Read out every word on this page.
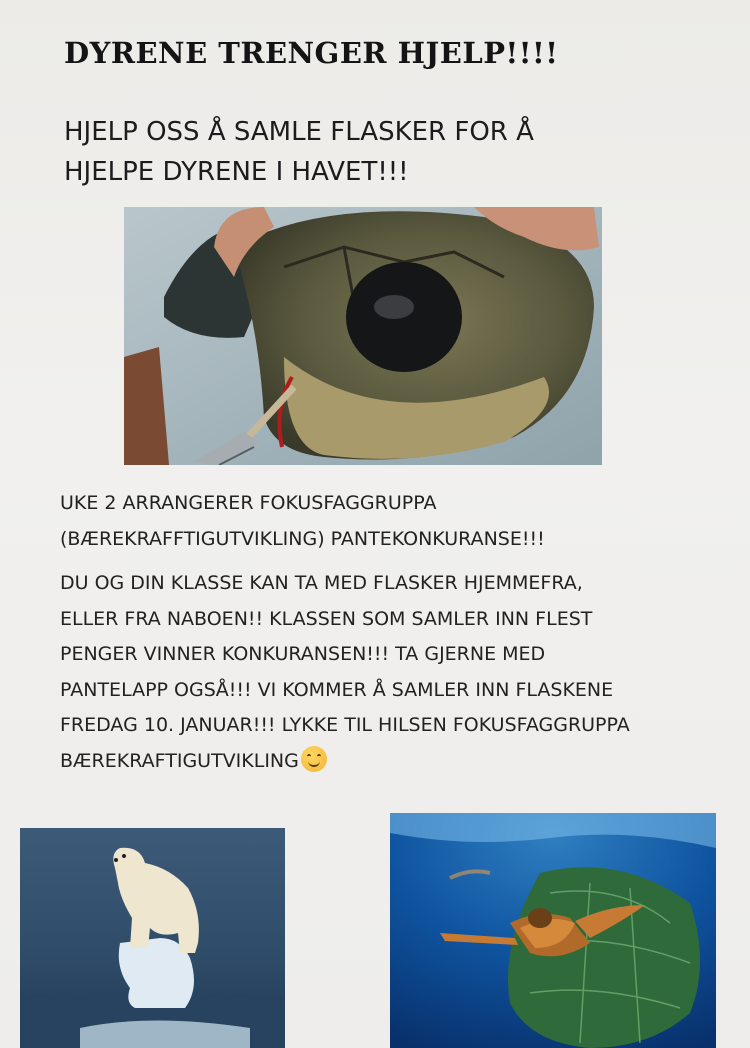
DYRENE TRENGER HJELP!!!!
HJELP OSS Å SAMLE FLASKER FOR Å
HJELPE DYRENE I HAVET!!!
UKE 2 ARRANGERER FOKUSFAGGRUPPA
(BÆREKRAFFTIGUTVIKLING) PANTEKONKURANSE!!!
DU OG DIN KLASSE KAN TA MED FLASKER HJEMMEFRA,
ELLER FRA NABOEN!! KLASSEN SOM SAMLER INN FLEST
PENGER VINNER KONKURANSEN!!! TA GJERNE MED
PANTELAPP OGSÅ!!! VI KOMMER Å SAMLER INN FLASKENE
FREDAG 10. JANUAR!!! LYKKE TIL HILSEN FOKUSFAGGRUPPA
BÆREKRAFTIGUTVIKLING
